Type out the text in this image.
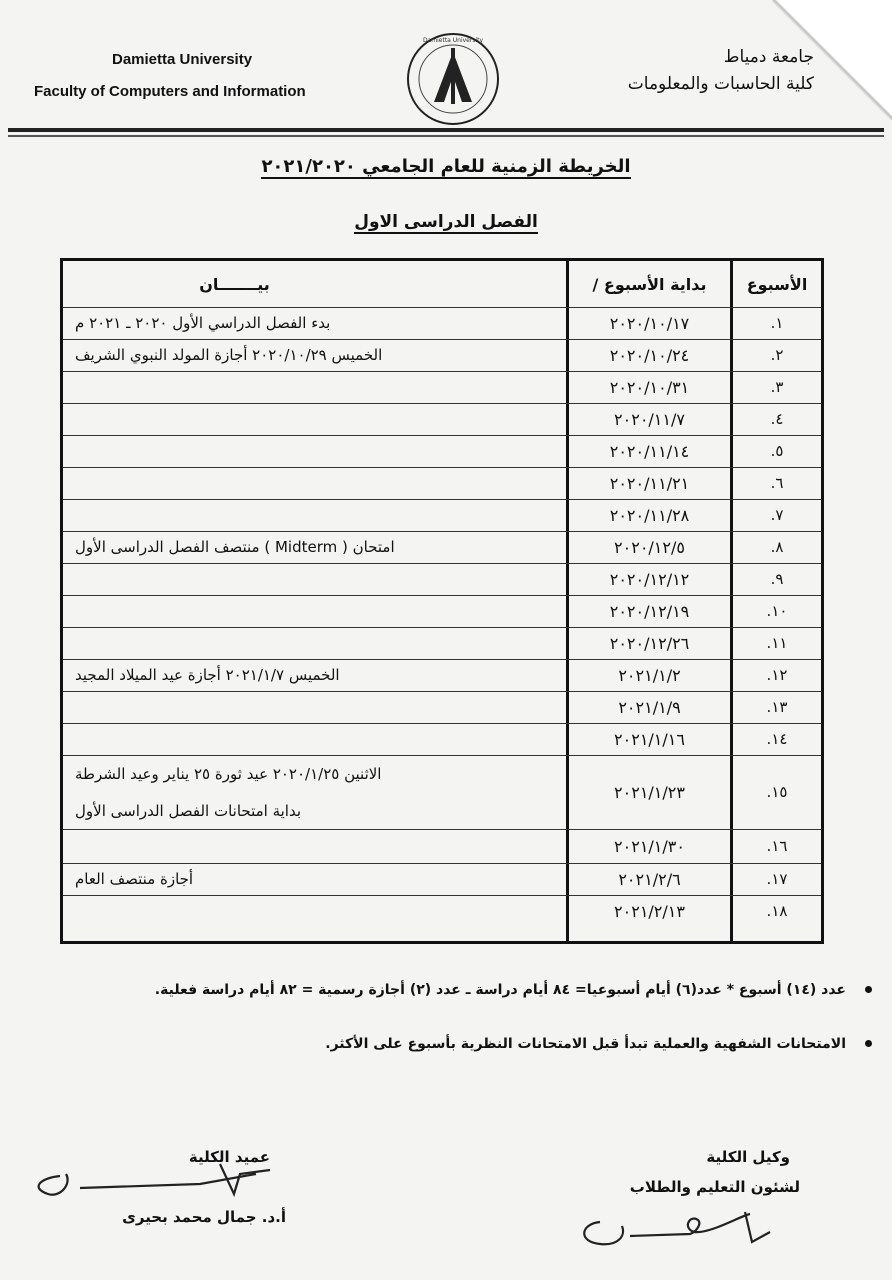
Damietta University
Faculty of Computers and Information
Damietta University
جامعة دمياط
كلية الحاسبات والمعلومات
الخريطة الزمنية للعام الجامعي ٢٠٢١/٢٠٢٠
الفصل الدراسى الاول
الأسبوع
بداية الأسبوع /
بيـــــــان
.١
٢٠٢٠/١٠/١٧
بدء الفصل الدراسي الأول ٢٠٢٠ ـ ٢٠٢١ م
.٢
٢٠٢٠/١٠/٢٤
الخميس ٢٠٢٠/١٠/٢٩ أجازة المولد النبوي الشريف
.٣
٢٠٢٠/١٠/٣١
.٤
٢٠٢٠/١١/٧
.٥
٢٠٢٠/١١/١٤
.٦
٢٠٢٠/١١/٢١
.٧
٢٠٢٠/١١/٢٨
.٨
٢٠٢٠/١٢/٥
امتحان ( Midterm ) منتصف الفصل الدراسى الأول
.٩
٢٠٢٠/١٢/١٢
.١٠
٢٠٢٠/١٢/١٩
.١١
٢٠٢٠/١٢/٢٦
.١٢
٢٠٢١/١/٢
الخميس ٢٠٢١/١/٧ أجازة عيد الميلاد المجيد
.١٣
٢٠٢١/١/٩
.١٤
٢٠٢١/١/١٦
.١٥
٢٠٢١/١/٢٣
الاثنين ٢٠٢٠/١/٢٥ عيد ثورة ٢٥ يناير وعيد الشرطة
بداية امتحانات الفصل الدراسى الأول
.١٦
٢٠٢١/١/٣٠
.١٧
٢٠٢١/٢/٦
أجازة منتصف العام
.١٨
٢٠٢١/٢/١٣
عدد (١٤) أسبوع * عدد(٦) أيام أسبوعيا= ٨٤ أيام دراسة ـ عدد (٢) أجازة رسمية = ٨٢ أيام دراسة فعلية.
الامتحانات الشفهية والعملية تبدأ قبل الامتحانات النظرية بأسبوع على الأكثر.
وكيل الكلية
لشئون التعليم والطلاب
عميد الكلية
أ.د. جمال محمد بحيرى
